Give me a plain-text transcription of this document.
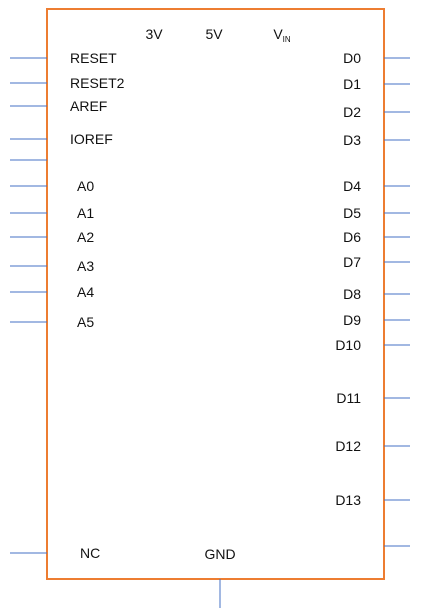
RESET
RESET2
AREF
IOREF
A0
A1
A2
A3
A4
A5
NC
D0
D1
D2
D3
D4
D5
D6
D7
D8
D9
D10
D11
D12
D13
3V	5V	$V_{IN}$
GND
